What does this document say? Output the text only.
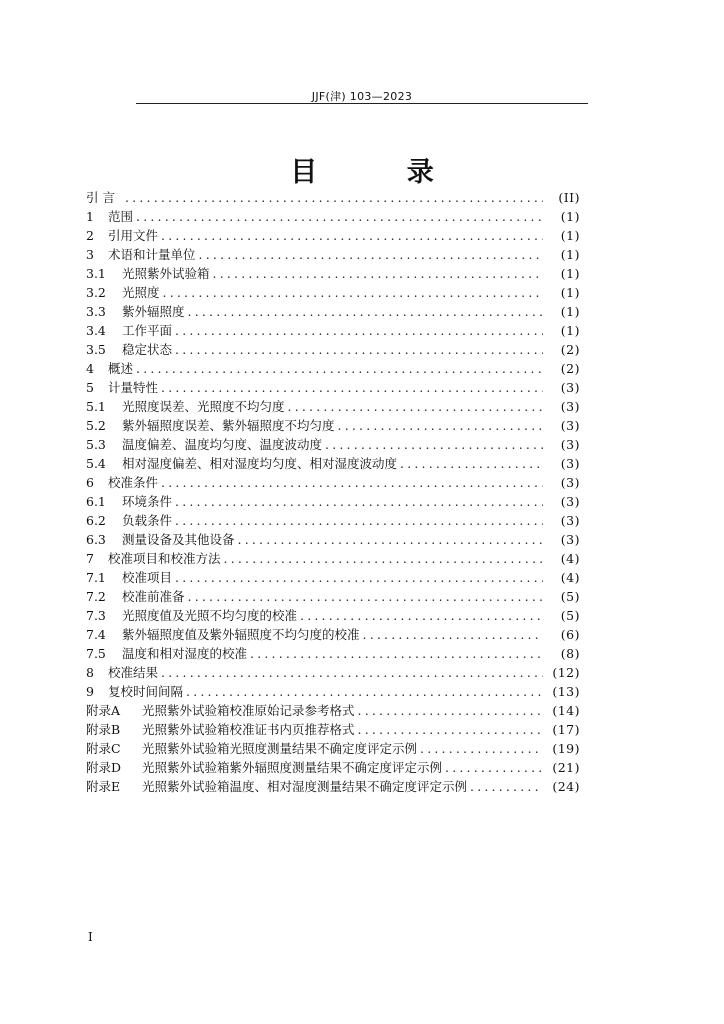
JJF(津) 103—2023
目 录
引 言 .....	(II)
1	范围 .....	(1)
2	引用文件 .....	(1)
3	术语和计量单位 .....	(1)
3.1	光照紫外试验箱 .....	(1)
3.2	光照度 .....	(1)
3.3	紫外辐照度 .....	(1)
3.4	工作平面 .....	(1)
3.5	稳定状态 .....	(2)
4	概述 .....	(2)
5	计量特性 .....	(3)
5.1	光照度误差、光照度不均匀度 .....	(3)
5.2	紫外辐照度误差、紫外辐照度不均匀度 .....	(3)
5.3	温度偏差、温度均匀度、温度波动度 .....	(3)
5.4	相对湿度偏差、相对湿度均匀度、相对湿度波动度 .....	(3)
6	校准条件 .....	(3)
6.1	环境条件 .....	(3)
6.2	负载条件 .....	(3)
6.3	测量设备及其他设备 .....	(3)
7	校准项目和校准方法 .....	(4)
7.1	校准项目 .....	(4)
7.2	校准前准备 .....	(5)
7.3	光照度值及光照不均匀度的校准 .....	(5)
7.4	紫外辐照度值及紫外辐照度不均匀度的校准 .....	(6)
7.5	温度和相对湿度的校准 .....	(8)
8	校准结果 .....	(12)
9	复校时间间隔 .....	(13)
附录A	光照紫外试验箱校准原始记录参考格式 .....	(14)
附录B	光照紫外试验箱校准证书内页推荐格式 .....	(17)
附录C	光照紫外试验箱光照度测量结果不确定度评定示例 .....	(19)
附录D	光照紫外试验箱紫外辐照度测量结果不确定度评定示例 .....	(21)
附录E	光照紫外试验箱温度、相对湿度测量结果不确定度评定示例 .....	(24)
I
